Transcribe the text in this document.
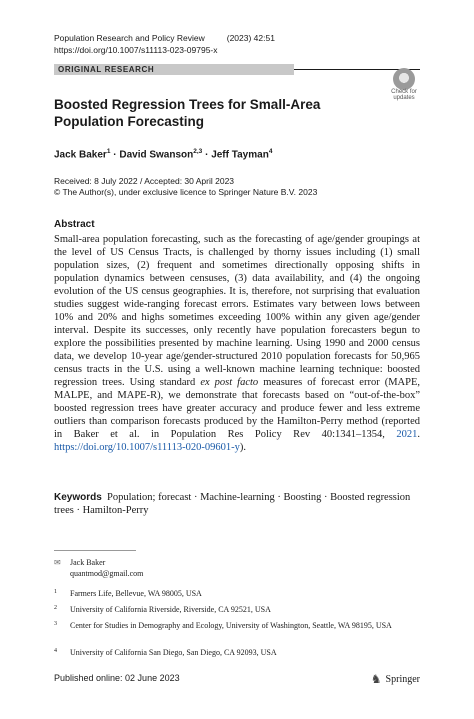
Population Research and Policy Review	(2023) 42:51
https://doi.org/10.1007/s11113-023-09795-x
ORIGINAL RESEARCH
Check for
updates
Boosted Regression Trees for Small-Area Population Forecasting
Jack Baker$^1$ · David Swanson$^{2,3}$ · Jeff Tayman$^4$
Received: 8 July 2022 / Accepted: 30 April 2023
© The Author(s), under exclusive licence to Springer Nature B.V. 2023
Abstract
Small-area population forecasting, such as the forecasting of age/gender groupings at the level of US Census Tracts, is challenged by thorny issues including (1) small population sizes, (2) frequent and sometimes directionally opposing shifts in population dynamics between censuses, (3) data availability, and (4) the ongoing evolution of the US census geographies. It is, therefore, not surprising that evaluation studies suggest wide-ranging forecast errors. Estimates vary between lows between 10% and 20% and highs sometimes exceeding 100% within any given age/gender interval. Despite its successes, only recently have population forecasters begun to explore the possibilities presented by machine learning. Using 1990 and 2000 census data, we develop 10-year age/gender-structured 2010 population forecasts for 50,965 census tracts in the U.S. using a well-known machine learning technique: boosted regression trees. Using standard ex post facto measures of forecast error (MAPE, MALPE, and MAPE-R), we demonstrate that forecasts based on “out-of-the-box” boosted regression trees have greater accuracy and produce fewer and less extreme outliers than comparison forecasts produced by the Hamilton-Perry method (reported in Baker et al. in Population Res Policy Rev 40:1341–1354, 2021. https://doi.org/10.1007/s11113-020-09601-y).
Keywords Population; forecast · Machine-learning · Boosting · Boosted regression trees · Hamilton-Perry
✉ Jack Baker
quantmod@gmail.com
1	Farmers Life, Bellevue, WA 98005, USA
2	University of California Riverside, Riverside, CA 92521, USA
3	Center for Studies in Demography and Ecology, University of Washington, Seattle, WA 98195, USA
4	University of California San Diego, San Diego, CA 92093, USA
Published online: 02 June 2023	♞ Springer
